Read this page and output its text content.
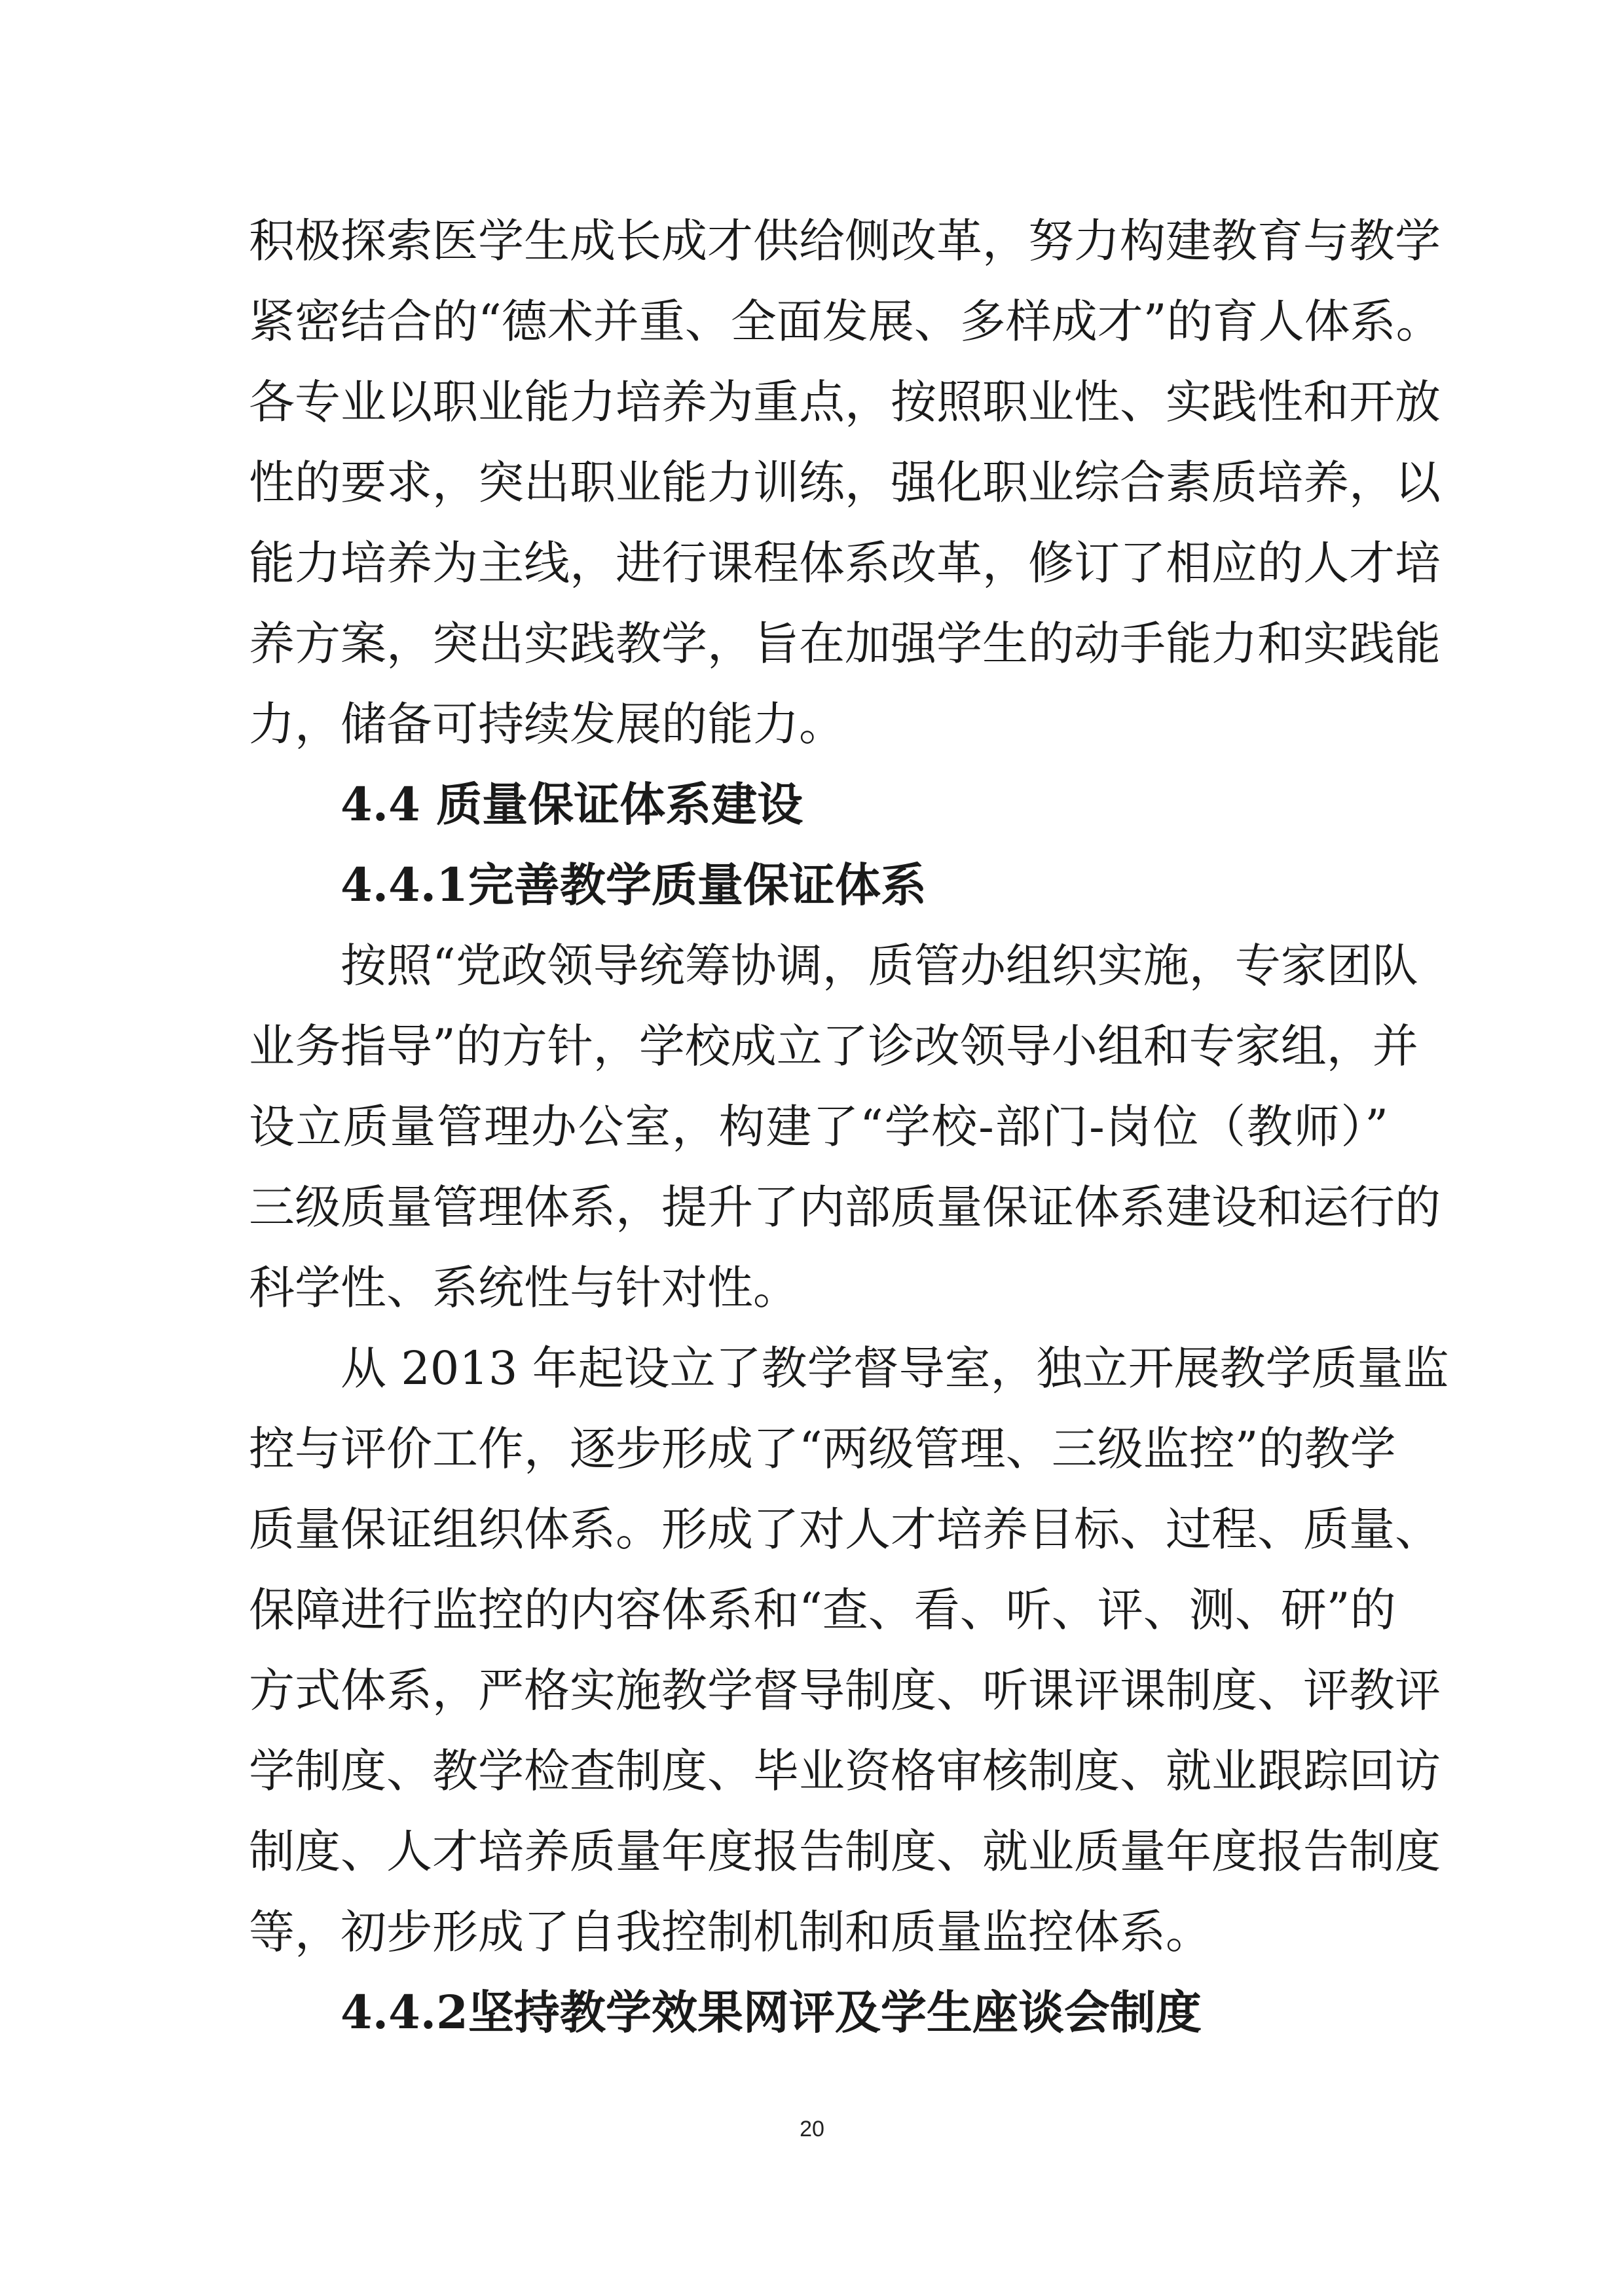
积极探索医学生成长成才供给侧改革，努力构建教育与教学
紧密结合的“德术并重、全面发展、多样成才”的育人体系。
各专业以职业能力培养为重点，按照职业性、实践性和开放
性的要求，突出职业能力训练，强化职业综合素质培养，以
能力培养为主线，进行课程体系改革，修订了相应的人才培
养方案，突出实践教学，旨在加强学生的动手能力和实践能
力，储备可持续发展的能力。
4.4 质量保证体系建设
4.4.1完善教学质量保证体系
按照“党政领导统筹协调，质管办组织实施，专家团队
业务指导”的方针，学校成立了诊改领导小组和专家组，并
设立质量管理办公室，构建了“学校-部门-岗位（教师）”
三级质量管理体系，提升了内部质量保证体系建设和运行的
科学性、系统性与针对性。
从 2013 年起设立了教学督导室，独立开展教学质量监
控与评价工作，逐步形成了“两级管理、三级监控”的教学
质量保证组织体系。形成了对人才培养目标、过程、质量、
保障进行监控的内容体系和“查、看、听、评、测、研”的
方式体系，严格实施教学督导制度、听课评课制度、评教评
学制度、教学检查制度、毕业资格审核制度、就业跟踪回访
制度、人才培养质量年度报告制度、就业质量年度报告制度
等，初步形成了自我控制机制和质量监控体系。
4.4.2坚持教学效果网评及学生座谈会制度
20
